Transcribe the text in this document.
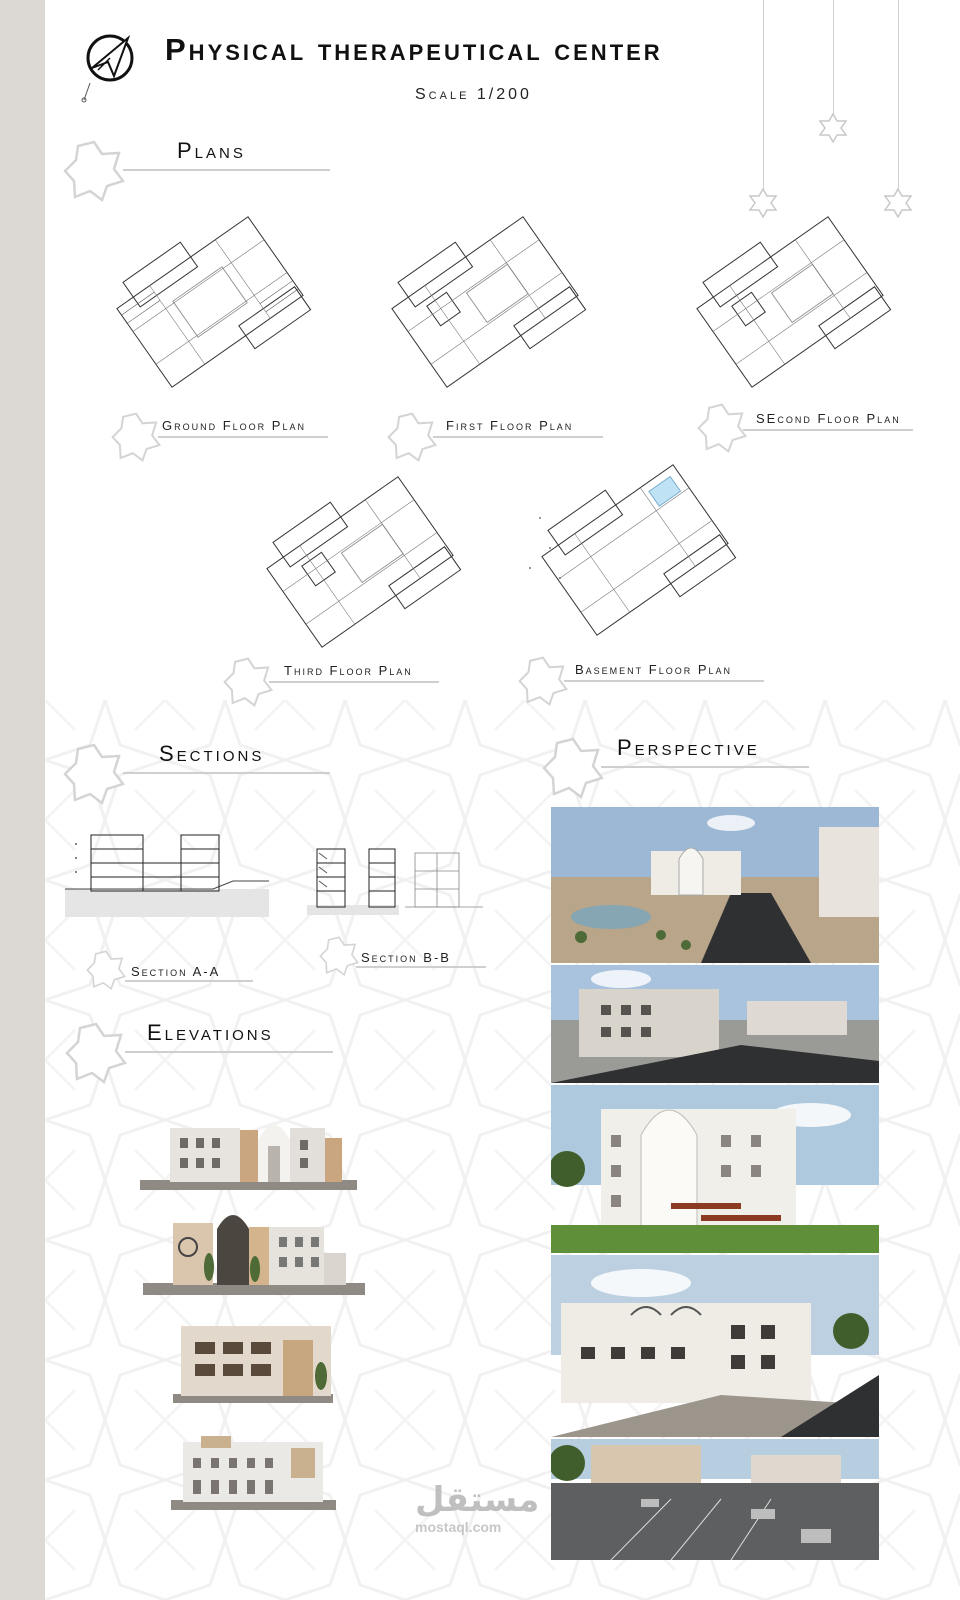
Physical therapeutical center
Scale 1/200
Plans
Ground Floor Plan	First Floor Plan	SEcond Floor Plan
Third Floor Plan	Basement Floor Plan
Sections
Section A-A
Section B-B
Elevations
Perspective
مستقل
mostaql.com
